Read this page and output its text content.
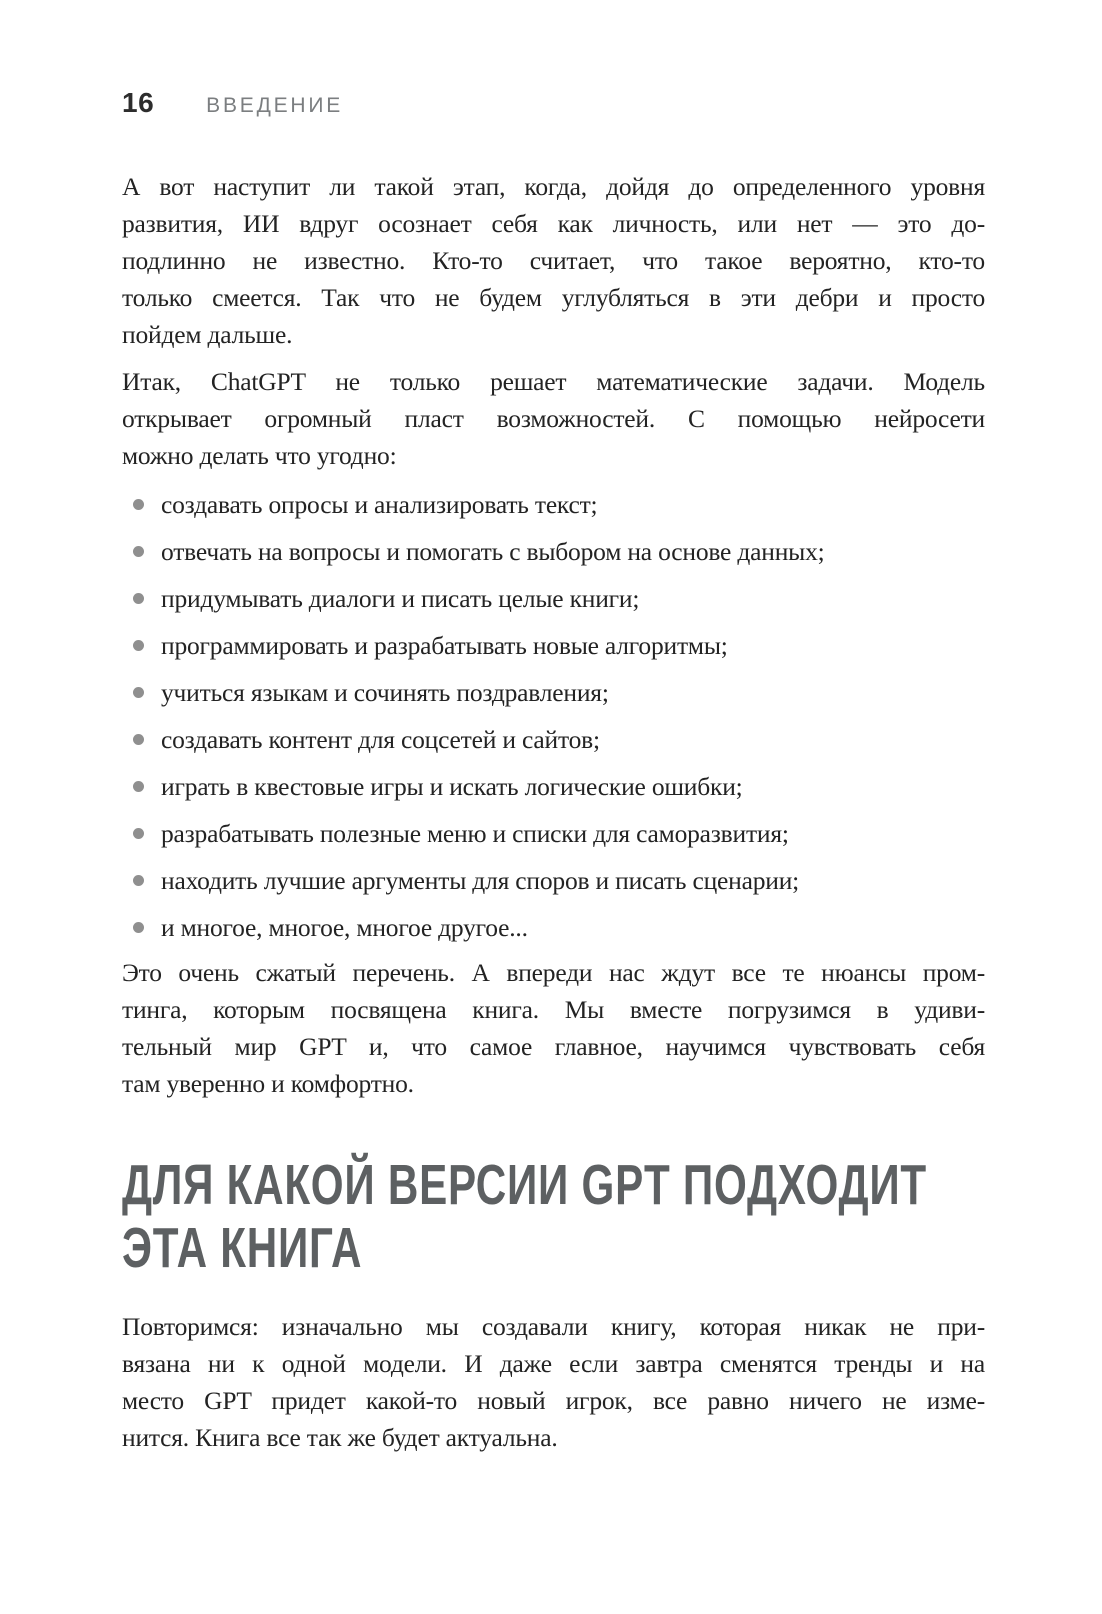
16 ВВЕДЕНИЕ
А вот наступит ли такой этап, когда, дойдя до определенного уровня
развития, ИИ вдруг осознает себя как личность, или нет — это до-
подлинно не известно. Кто-то считает, что такое вероятно, кто-то
только смеется. Так что не будем углубляться в эти дебри и просто
пойдем дальше.
Итак, ChatGPT не только решает математические задачи. Модель
открывает огромный пласт возможностей. С помощью нейросети
можно делать что угодно:
создавать опросы и анализировать текст;
отвечать на вопросы и помогать с выбором на основе данных;
придумывать диалоги и писать целые книги;
программировать и разрабатывать новые алгоритмы;
учиться языкам и сочинять поздравления;
создавать контент для соцсетей и сайтов;
играть в квестовые игры и искать логические ошибки;
разрабатывать полезные меню и списки для саморазвития;
находить лучшие аргументы для споров и писать сценарии;
и многое, многое, многое другое...
Это очень сжатый перечень. А впереди нас ждут все те нюансы пром-
тинга, которым посвящена книга. Мы вместе погрузимся в удиви-
тельный мир GPT и, что самое главное, научимся чувствовать себя
там уверенно и комфортно.
ДЛЯ КАКОЙ ВЕРСИИ GPT ПОДХОДИТ
ЭТА КНИГА
Повторимся: изначально мы создавали книгу, которая никак не при-
вязана ни к одной модели. И даже если завтра сменятся тренды и на
место GPT придет какой-то новый игрок, все равно ничего не изме-
нится. Книга все так же будет актуальна.
